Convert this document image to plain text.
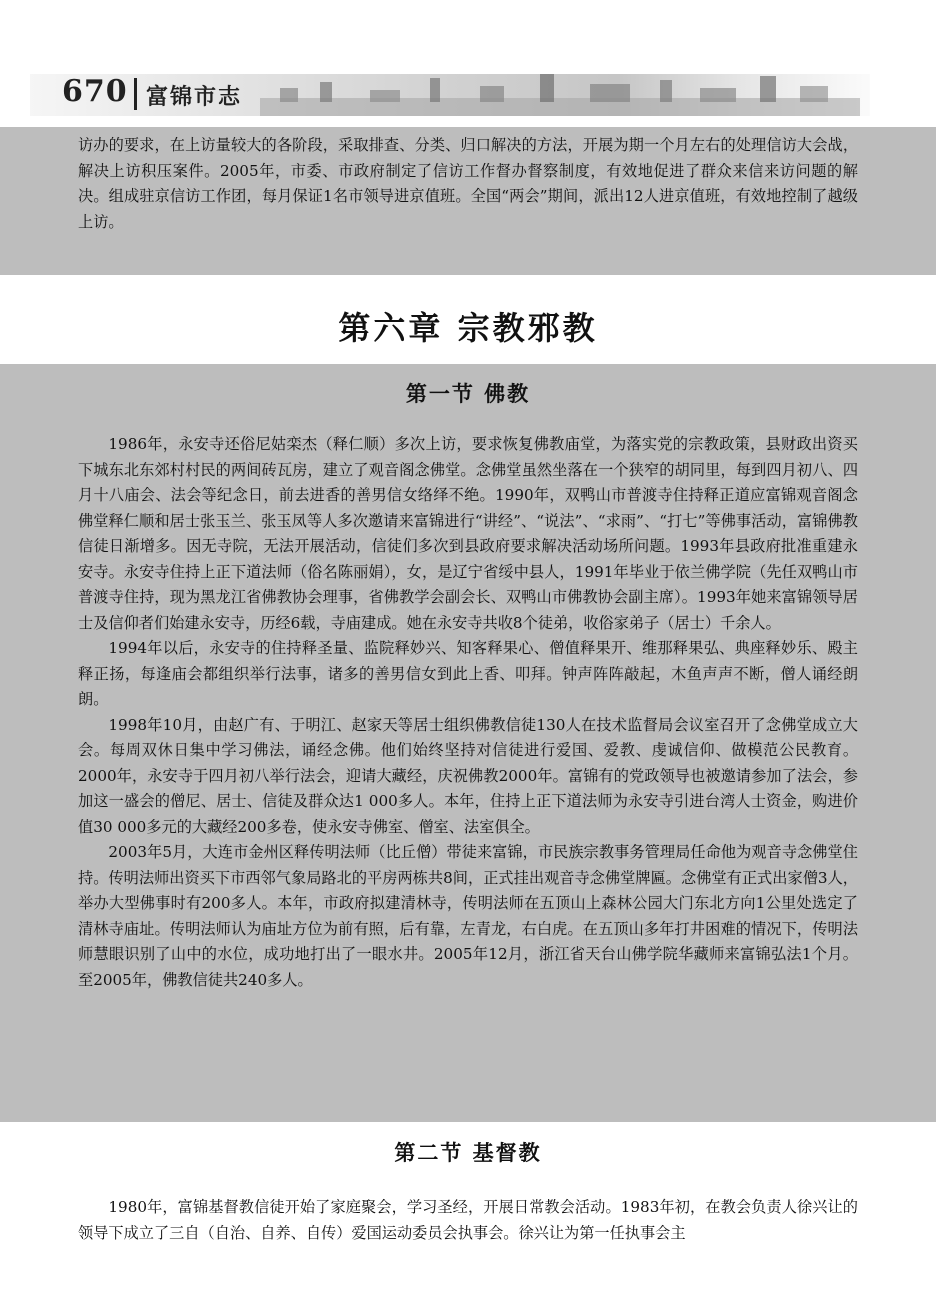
670 富锦市志

访办的要求，在上访量较大的各阶段，采取排查、分类、归口解决的方法，开展为期一个月左右的处理信访大会战，解决上访积压案件。2005年，市委、市政府制定了信访工作督办督察制度，有效地促进了群众来信来访问题的解决。组成驻京信访工作团，每月保证1名市领导进京值班。全国“两会”期间，派出12人进京值班，有效地控制了越级上访。

第六章 宗教邪教
第一节 佛教

1986年，永安寺还俗尼姑栾杰（释仁顺）多次上访，要求恢复佛教庙堂，为落实党的宗教政策，县财政出资买下城东北东郊村村民的两间砖瓦房，建立了观音阁念佛堂。念佛堂虽然坐落在一个狭窄的胡同里，每到四月初八、四月十八庙会、法会等纪念日，前去进香的善男信女络绎不绝。1990年，双鸭山市普渡寺住持释正道应富锦观音阁念佛堂释仁顺和居士张玉兰、张玉凤等人多次邀请来富锦进行“讲经”、“说法”、“求雨”、“打七”等佛事活动，富锦佛教信徒日渐增多。因无寺院，无法开展活动，信徒们多次到县政府要求解决活动场所问题。1993年县政府批准重建永安寺。永安寺住持上正下道法师（俗名陈丽娟），女，是辽宁省绥中县人，1991年毕业于依兰佛学院（先任双鸭山市普渡寺住持，现为黑龙江省佛教协会理事，省佛教学会副会长、双鸭山市佛教协会副主席）。1993年她来富锦领导居士及信仰者们始建永安寺，历经6载，寺庙建成。她在永安寺共收8个徒弟，收俗家弟子（居士）千余人。

1994年以后，永安寺的住持释圣量、监院释妙兴、知客释果心、僧值释果开、维那释果弘、典座释妙乐、殿主释正扬，每逢庙会都组织举行法事，诸多的善男信女到此上香、叩拜。钟声阵阵敲起，木鱼声声不断，僧人诵经朗朗。

1998年10月，由赵广有、于明江、赵家天等居士组织佛教信徒130人在技术监督局会议室召开了念佛堂成立大会。每周双休日集中学习佛法，诵经念佛。他们始终坚持对信徒进行爱国、爱教、虔诚信仰、做模范公民教育。2000年，永安寺于四月初八举行法会，迎请大藏经，庆祝佛教2000年。富锦有的党政领导也被邀请参加了法会，参加这一盛会的僧尼、居士、信徒及群众达1 000多人。本年，住持上正下道法师为永安寺引进台湾人士资金，购进价值30 000多元的大藏经200多卷，使永安寺佛室、僧室、法室俱全。

2003年5月，大连市金州区释传明法师（比丘僧）带徒来富锦，市民族宗教事务管理局任命他为观音寺念佛堂住持。传明法师出资买下市西邻气象局路北的平房两栋共8间，正式挂出观音寺念佛堂牌匾。念佛堂有正式出家僧3人，举办大型佛事时有200多人。本年，市政府拟建清林寺，传明法师在五顶山上森林公园大门东北方向1公里处选定了清林寺庙址。传明法师认为庙址方位为前有照，后有靠，左青龙，右白虎。在五顶山多年打井困难的情况下，传明法师慧眼识别了山中的水位，成功地打出了一眼水井。2005年12月，浙江省天台山佛学院华藏师来富锦弘法1个月。至2005年，佛教信徒共240多人。

第二节 基督教

1980年，富锦基督教信徒开始了家庭聚会，学习圣经，开展日常教会活动。1983年初，在教会负责人徐兴让的领导下成立了三自（自治、自养、自传）爱国运动委员会执事会。徐兴让为第一任执事会主
